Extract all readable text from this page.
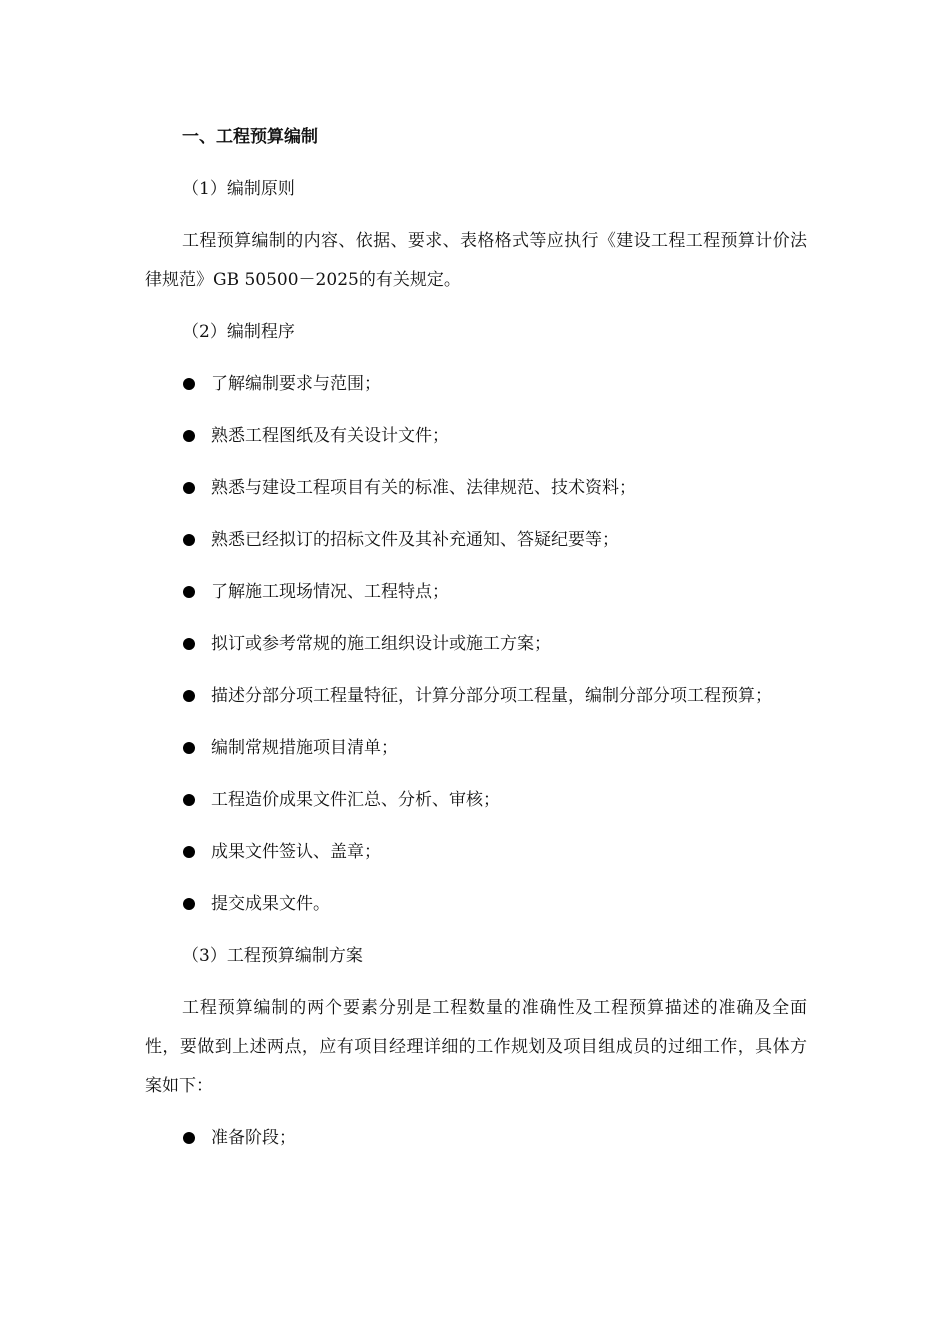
一、工程预算编制
（1）编制原则
工程预算编制的内容、依据、要求、表格格式等应执行《建设工程工程预算计价法律规范》GB 50500－2025的有关规定。
（2）编制程序
了解编制要求与范围；
熟悉工程图纸及有关设计文件；
熟悉与建设工程项目有关的标准、法律规范、技术资料；
熟悉已经拟订的招标文件及其补充通知、答疑纪要等；
了解施工现场情况、工程特点；
拟订或参考常规的施工组织设计或施工方案；
描述分部分项工程量特征，计算分部分项工程量，编制分部分项工程预算；
编制常规措施项目清单；
工程造价成果文件汇总、分析、审核；
成果文件签认、盖章；
提交成果文件。
（3）工程预算编制方案
工程预算编制的两个要素分别是工程数量的准确性及工程预算描述的准确及全面性，要做到上述两点，应有项目经理详细的工作规划及项目组成员的过细工作，具体方案如下：
准备阶段；
